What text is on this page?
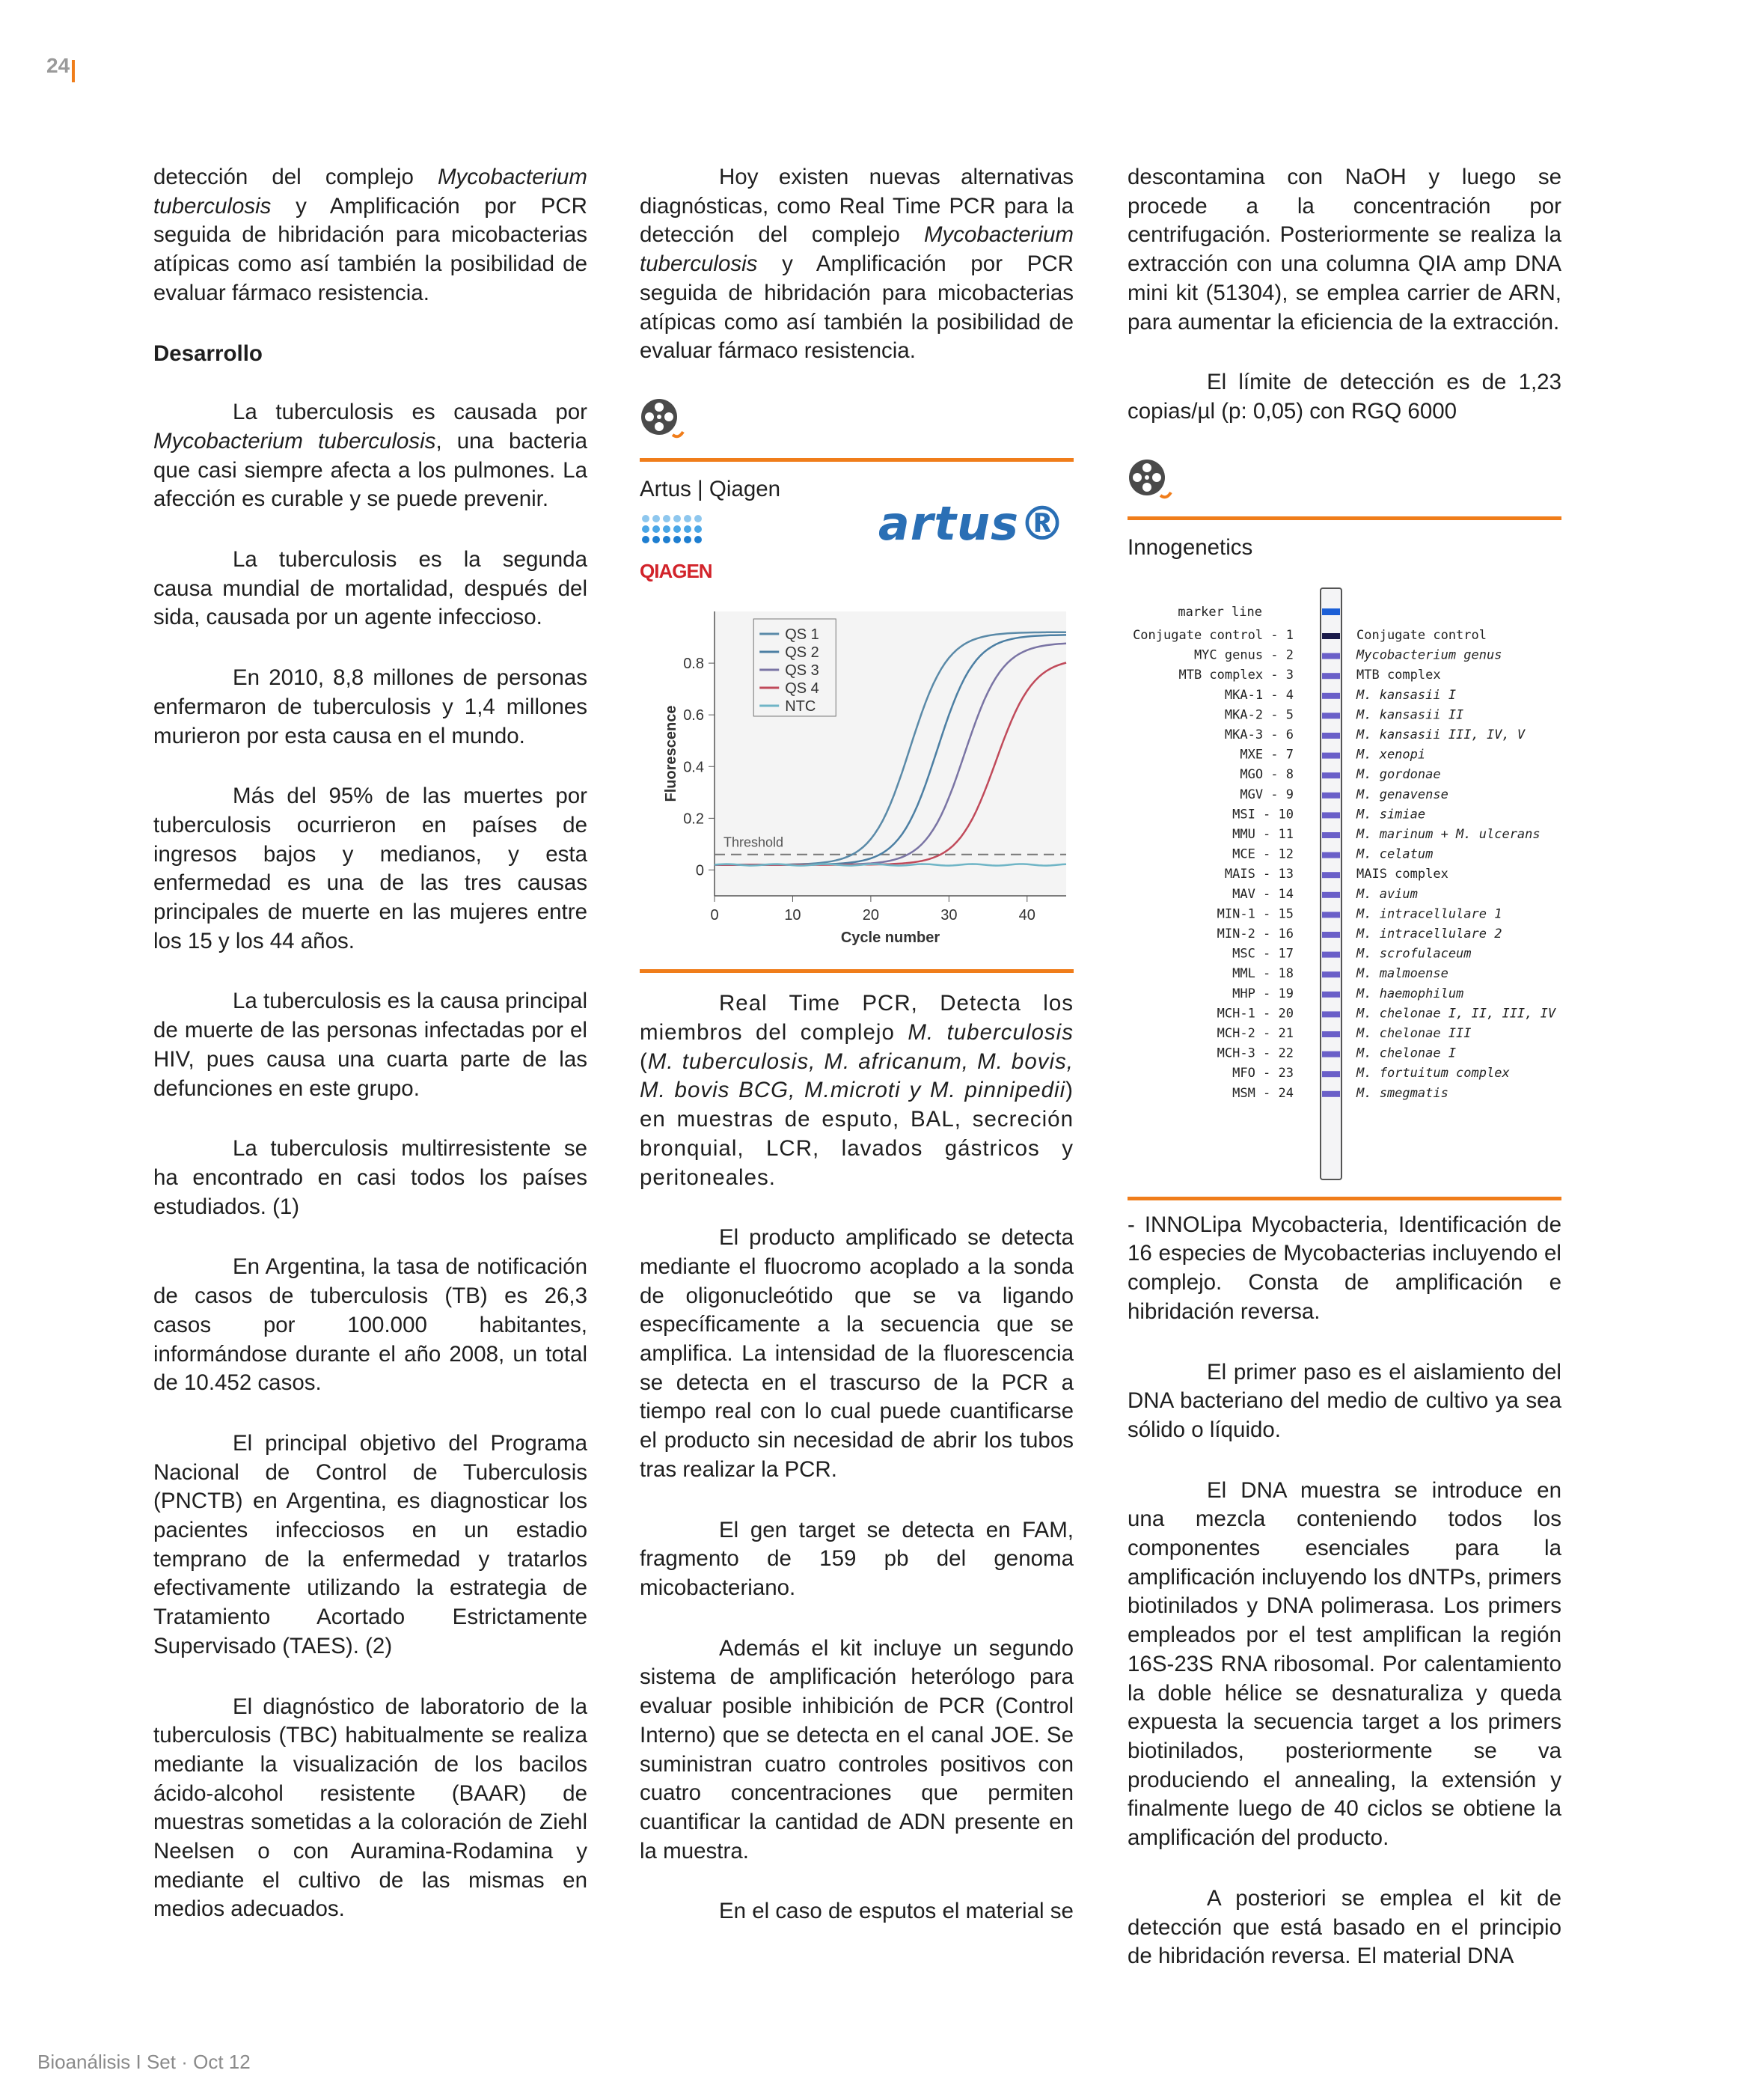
24
Bioanálisis I Set · Oct 12

detección del complejo Mycobacterium tuberculosis y Amplificación por PCR seguida de hibridación para micobacterias atípicas como así también la posibilidad de evaluar fármaco resistencia.

Desarrollo

La tuberculosis es causada por Mycobacterium tuberculosis, una bacteria que casi siempre afecta a los pulmones. La afección es curable y se puede prevenir.

La tuberculosis es la segunda causa mundial de mortalidad, después del sida, causada por un agente infeccioso.

En 2010, 8,8 millones de personas enfermaron de tuberculosis y 1,4 millones murieron por esta causa en el mundo.

Más del 95% de las muertes por tuberculosis ocurrieron en países de ingresos bajos y medianos, y esta enfermedad es una de las tres causas principales de muerte en las mujeres entre los 15 y los 44 años.

La tuberculosis es la causa principal de muerte de las personas infectadas por el HIV, pues causa una cuarta parte de las defunciones en este grupo.

La tuberculosis multirresistente se ha encontrado en casi todos los países estudiados. (1)

En Argentina, la tasa de notificación de casos de tuberculosis (TB) es 26,3 casos por 100.000 habitantes, informándose durante el año 2008, un total de 10.452 casos.

El principal objetivo del Programa Nacional de Control de Tuberculosis (PNCTB) en Argentina, es diagnosticar los pacientes infecciosos en un estadio temprano de la enfermedad y tratarlos efectivamente utilizando la estrategia de Tratamiento Acortado Estrictamente Supervisado (TAES). (2)

El diagnóstico de laboratorio de la tuberculosis (TBC) habitualmente se realiza mediante la visualización de los bacilos ácido-alcohol resistente (BAAR) de muestras sometidas a la coloración de Ziehl Neelsen o con Auramina-Rodamina y mediante el cultivo de las mismas en medios adecuados.

Hoy existen nuevas alternativas diagnósticas, como Real Time PCR para la detección del complejo Mycobacterium tuberculosis y Amplificación por PCR seguida de hibridación para micobacterias atípicas como así también la posibilidad de evaluar fármaco resistencia.

Artus | Qiagen
QIAGEN
artus®
0
0.2
0.4
0.6
0.8
0	10	20	30	40
Cycle number
Fluorescence
Threshold
QS 1
QS 2
QS 3
QS 4
NTC

Real Time PCR, Detecta los miembros del complejo M. tuberculosis (M. tuberculosis, M. africanum, M. bovis, M. bovis BCG, M.microti y M. pinnipedii) en muestras de esputo, BAL, secreción bronquial, LCR, lavados gástricos y peritoneales.

El producto amplificado se detecta mediante el fluocromo acoplado a la sonda de oligonucleótido que se va ligando específicamente a la secuencia que se amplifica. La intensidad de la fluorescencia se detecta en el trascurso de la PCR a tiempo real con lo cual puede cuantificarse el producto sin necesidad de abrir los tubos tras realizar la PCR.

El gen target se detecta en FAM, fragmento de 159 pb del genoma micobacteriano.

Además el kit incluye un segundo sistema de amplificación heterólogo para evaluar posible inhibición de PCR (Control Interno) que se detecta en el canal JOE. Se suministran cuatro controles positivos con cuatro concentraciones que permiten cuantificar la cantidad de ADN presente en la muestra.

En el caso de esputos el material se

descontamina con NaOH y luego se procede a la concentración por centrifugación. Posteriormente se realiza la extracción con una columna QIA amp DNA mini kit (51304), se emplea carrier de ARN, para aumentar la eficiencia de la extracción.

El límite de detección es de 1,23 copias/µl (p: 0,05) con RGQ 6000

Innogenetics
marker line
Conjugate control - 1	Conjugate control
MYC genus - 2	Mycobacterium genus
MTB complex - 3	MTB complex
MKA-1 - 4	M. kansasii I
MKA-2 - 5	M. kansasii II
MKA-3 - 6	M. kansasii III, IV, V
MXE - 7	M. xenopi
MGO - 8	M. gordonae
MGV - 9	M. genavense
MSI - 10	M. simiae
MMU - 11	M. marinum + M. ulcerans
MCE - 12	M. celatum
MAIS - 13	MAIS complex
MAV - 14	M. avium
MIN-1 - 15	M. intracellulare 1
MIN-2 - 16	M. intracellulare 2
MSC - 17	M. scrofulaceum
MML - 18	M. malmoense
MHP - 19	M. haemophilum
MCH-1 - 20	M. chelonae I, II, III, IV
MCH-2 - 21	M. chelonae III
MCH-3 - 22	M. chelonae I
MFO - 23	M. fortuitum complex
MSM - 24	M. smegmatis

- INNOLipa Mycobacteria, Identificación de 16 especies de Mycobacterias incluyendo el complejo. Consta de amplificación e hibridación reversa.

El primer paso es el aislamiento del DNA bacteriano del medio de cultivo ya sea sólido o líquido.

El DNA muestra se introduce en una mezcla conteniendo todos los componentes esenciales para la amplificación incluyendo los dNTPs, primers biotinilados y DNA polimerasa. Los primers empleados por el test amplifican la región 16S-23S RNA ribosomal. Por calentamiento la doble hélice se desnaturaliza y queda expuesta la secuencia target a los primers biotinilados, posteriormente se va produciendo el annealing, la extensión y finalmente luego de 40 ciclos se obtiene la amplificación del producto.

A posteriori se emplea el kit de detección que está basado en el principio de hibridación reversa. El material DNA
